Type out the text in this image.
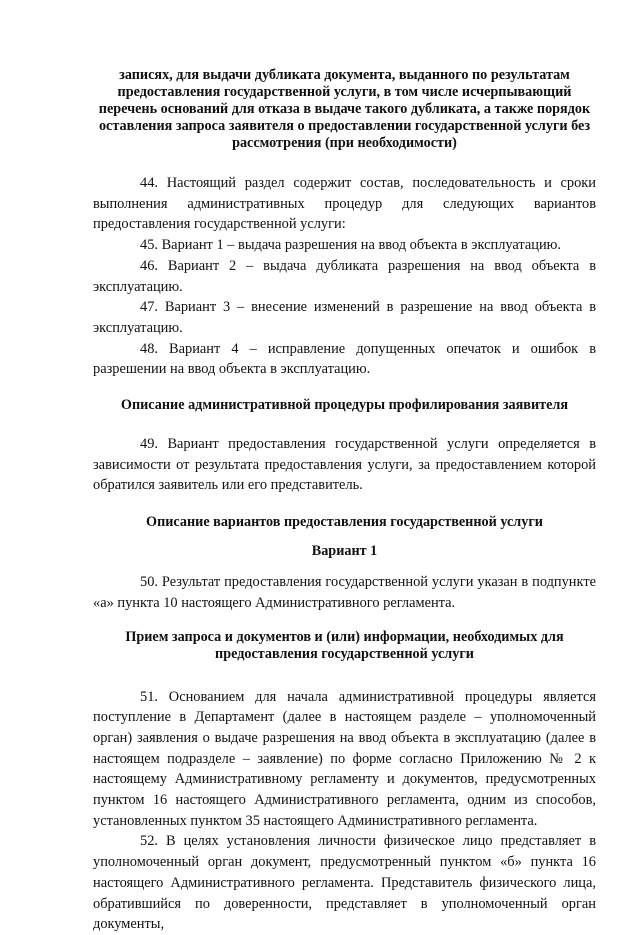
записях, для выдачи дубликата документа, выданного по результатам предоставления государственной услуги, в том числе исчерпывающий перечень оснований для отказа в выдаче такого дубликата, а также порядок оставления запроса заявителя о предоставлении государственной услуги без рассмотрения (при необходимости)

44. Настоящий раздел содержит состав, последовательность и сроки выполнения административных процедур для следующих вариантов предоставления государственной услуги:

45. Вариант 1 – выдача разрешения на ввод объекта в эксплуатацию.

46. Вариант 2 – выдача дубликата разрешения на ввод объекта в эксплуатацию.

47. Вариант 3 – внесение изменений в разрешение на ввод объекта в эксплуатацию.

48. Вариант 4 – исправление допущенных опечаток и ошибок в разрешении на ввод объекта в эксплуатацию.

Описание административной процедуры профилирования заявителя

49. Вариант предоставления государственной услуги определяется в зависимости от результата предоставления услуги, за предоставлением которой обратился заявитель или его представитель.

Описание вариантов предоставления государственной услуги

Вариант 1

50. Результат предоставления государственной услуги указан в подпункте «а» пункта 10 настоящего Административного регламента.

Прием запроса и документов и (или) информации, необходимых для предоставления государственной услуги

51. Основанием для начала административной процедуры является поступление в Департамент (далее в настоящем разделе – уполномоченный орган) заявления о выдаче разрешения на ввод объекта в эксплуатацию (далее в настоящем подразделе – заявление) по форме согласно Приложению № 2 к настоящему Административному регламенту и документов, предусмотренных пунктом 16 настоящего Административного регламента, одним из способов, установленных пунктом 35 настоящего Административного регламента.

52. В целях установления личности физическое лицо представляет в уполномоченный орган документ, предусмотренный пунктом «б» пункта 16 настоящего Административного регламента. Представитель физического лица, обратившийся по доверенности, представляет в уполномоченный орган документы,
